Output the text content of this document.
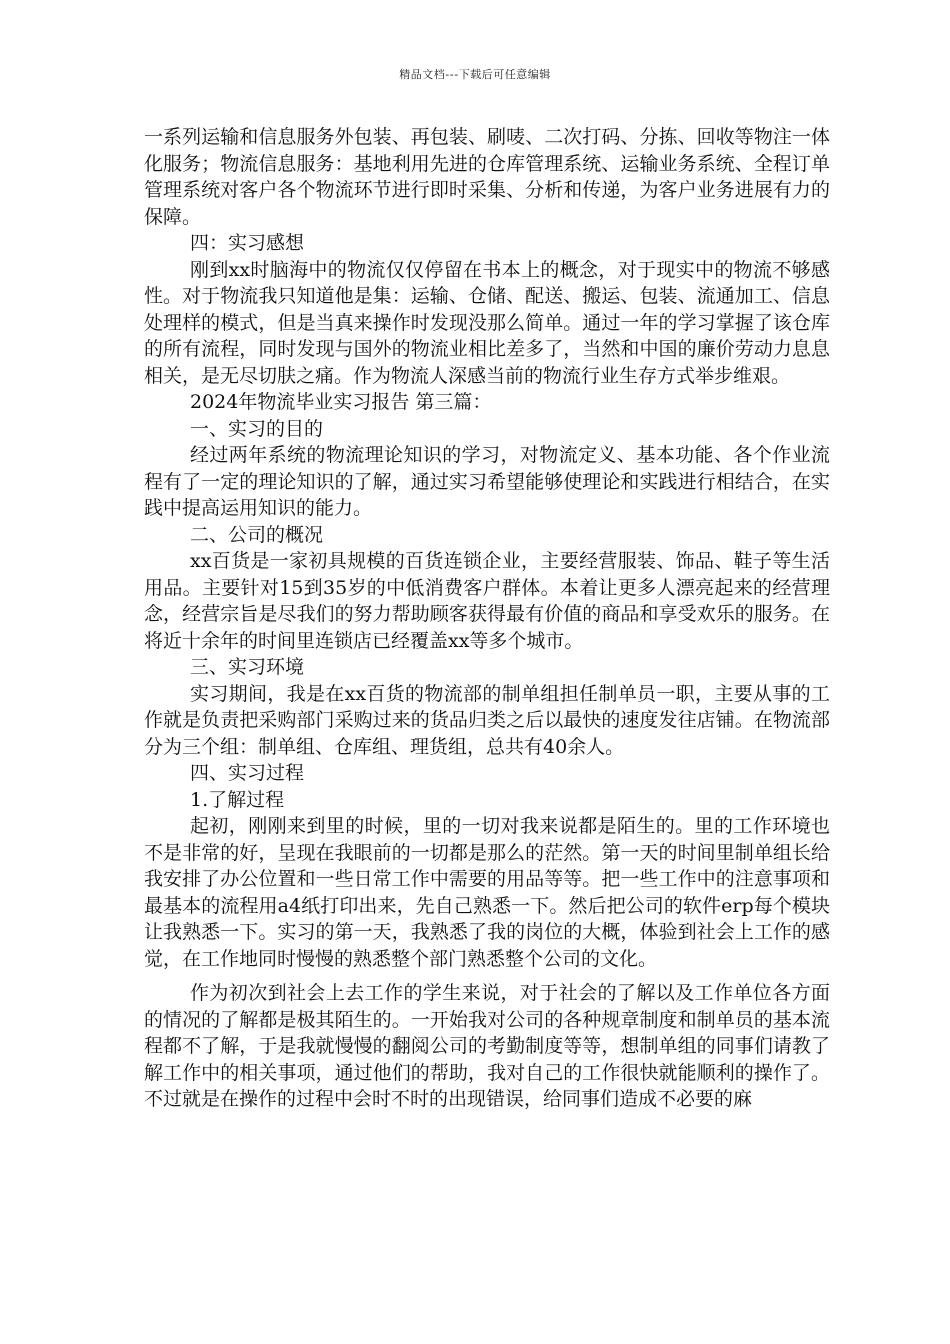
精品文档---下载后可任意编辑

一系列运输和信息服务外包装、再包装、刷唛、二次打码、分拣、回收等物注一体化服务；物流信息服务：基地利用先进的仓库管理系统、运输业务系统、全程订单管理系统对客户各个物流环节进行即时采集、分析和传递，为客户业务进展有力的保障。

四：实习感想

刚到xx时脑海中的物流仅仅停留在书本上的概念，对于现实中的物流不够感性。对于物流我只知道他是集：运输、仓储、配送、搬运、包装、流通加工、信息处理样的模式，但是当真来操作时发现没那么简单。通过一年的学习掌握了该仓库的所有流程，同时发现与国外的物流业相比差多了，当然和中国的廉价劳动力息息相关，是无尽切肤之痛。作为物流人深感当前的物流行业生存方式举步维艰。

2024年物流毕业实习报告 第三篇：

一、实习的目的

经过两年系统的物流理论知识的学习，对物流定义、基本功能、各个作业流程有了一定的理论知识的了解，通过实习希望能够使理论和实践进行相结合，在实践中提高运用知识的能力。

二、公司的概况

xx百货是一家初具规模的百货连锁企业，主要经营服装、饰品、鞋子等生活用品。主要针对15到35岁的中低消费客户群体。本着让更多人漂亮起来的经营理念，经营宗旨是尽我们的努力帮助顾客获得最有价值的商品和享受欢乐的服务。在将近十余年的时间里连锁店已经覆盖xx等多个城市。

三、实习环境

实习期间，我是在xx百货的物流部的制单组担任制单员一职，主要从事的工作就是负责把采购部门采购过来的货品归类之后以最快的速度发往店铺。在物流部分为三个组：制单组、仓库组、理货组，总共有40余人。

四、实习过程

1.了解过程

起初，刚刚来到里的时候，里的一切对我来说都是陌生的。里的工作环境也不是非常的好，呈现在我眼前的一切都是那么的茫然。第一天的时间里制单组长给我安排了办公位置和一些日常工作中需要的用品等等。把一些工作中的注意事项和最基本的流程用a4纸打印出来，先自己熟悉一下。然后把公司的软件erp每个模块让我熟悉一下。实习的第一天，我熟悉了我的岗位的大概，体验到社会上工作的感觉，在工作地同时慢慢的熟悉整个部门熟悉整个公司的文化。

作为初次到社会上去工作的学生来说，对于社会的了解以及工作单位各方面的情况的了解都是极其陌生的。一开始我对公司的各种规章制度和制单员的基本流程都不了解，于是我就慢慢的翻阅公司的考勤制度等等，想制单组的同事们请教了解工作中的相关事项，通过他们的帮助，我对自己的工作很快就能顺利的操作了。不过就是在操作的过程中会时不时的出现错误，给同事们造成不必要的麻
